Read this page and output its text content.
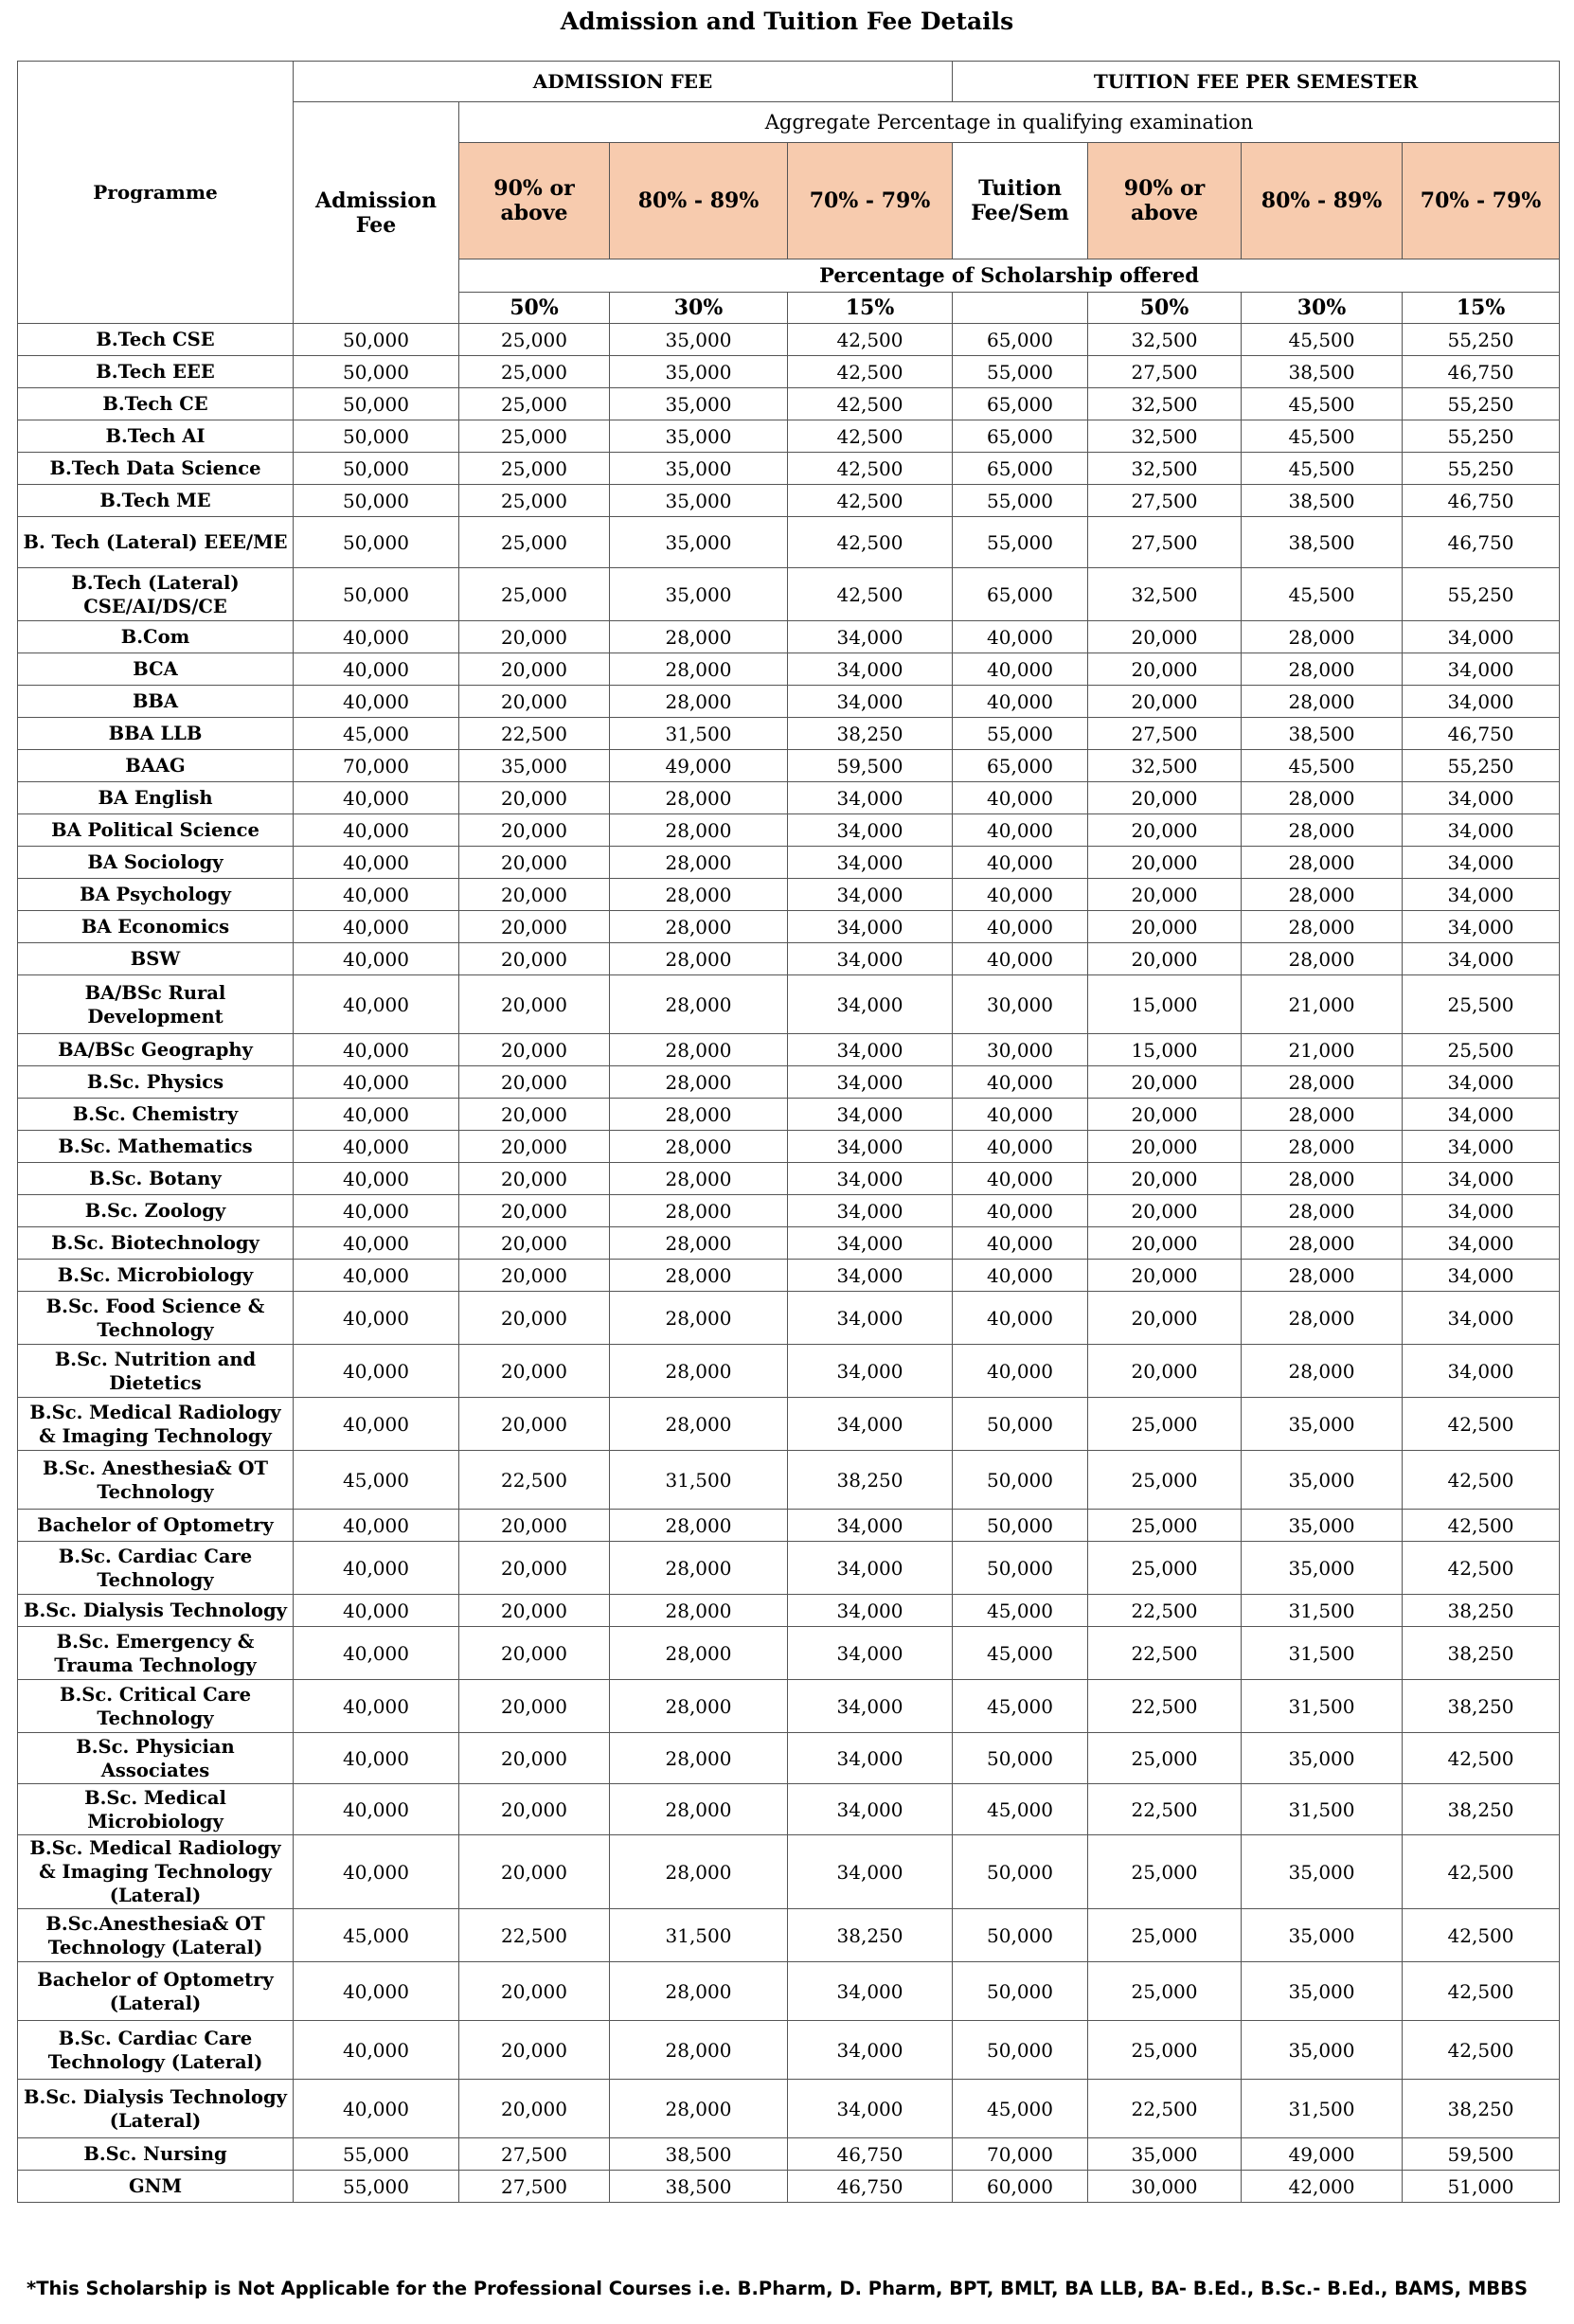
Admission and Tuition Fee Details
Programme	ADMISSION FEE				TUITION FEE PER SEMESTER			
	Admission Fee	Aggregate Percentage in qualifying examination						
		90% or above	80% - 89%	70% - 79%	Tuition Fee/Sem	90% or above	80% - 89%	70% - 79%
		Percentage of Scholarship offered						
		50%	30%	15%		50%	30%	15%
B.Tech CSE	50,000	25,000	35,000	42,500	65,000	32,500	45,500	55,250
B.Tech EEE	50,000	25,000	35,000	42,500	55,000	27,500	38,500	46,750
B.Tech CE	50,000	25,000	35,000	42,500	65,000	32,500	45,500	55,250
B.Tech AI	50,000	25,000	35,000	42,500	65,000	32,500	45,500	55,250
B.Tech Data Science	50,000	25,000	35,000	42,500	65,000	32,500	45,500	55,250
B.Tech ME	50,000	25,000	35,000	42,500	55,000	27,500	38,500	46,750
B. Tech (Lateral) EEE/ME	50,000	25,000	35,000	42,500	55,000	27,500	38,500	46,750
B.Tech (Lateral) CSE/AI/DS/CE	50,000	25,000	35,000	42,500	65,000	32,500	45,500	55,250
B.Com	40,000	20,000	28,000	34,000	40,000	20,000	28,000	34,000
BCA	40,000	20,000	28,000	34,000	40,000	20,000	28,000	34,000
BBA	40,000	20,000	28,000	34,000	40,000	20,000	28,000	34,000
BBA LLB	45,000	22,500	31,500	38,250	55,000	27,500	38,500	46,750
BAAG	70,000	35,000	49,000	59,500	65,000	32,500	45,500	55,250
BA English	40,000	20,000	28,000	34,000	40,000	20,000	28,000	34,000
BA Political Science	40,000	20,000	28,000	34,000	40,000	20,000	28,000	34,000
BA Sociology	40,000	20,000	28,000	34,000	40,000	20,000	28,000	34,000
BA Psychology	40,000	20,000	28,000	34,000	40,000	20,000	28,000	34,000
BA Economics	40,000	20,000	28,000	34,000	40,000	20,000	28,000	34,000
BSW	40,000	20,000	28,000	34,000	40,000	20,000	28,000	34,000
BA/BSc Rural Development	40,000	20,000	28,000	34,000	30,000	15,000	21,000	25,500
BA/BSc Geography	40,000	20,000	28,000	34,000	30,000	15,000	21,000	25,500
B.Sc. Physics	40,000	20,000	28,000	34,000	40,000	20,000	28,000	34,000
B.Sc. Chemistry	40,000	20,000	28,000	34,000	40,000	20,000	28,000	34,000
B.Sc. Mathematics	40,000	20,000	28,000	34,000	40,000	20,000	28,000	34,000
B.Sc. Botany	40,000	20,000	28,000	34,000	40,000	20,000	28,000	34,000
B.Sc. Zoology	40,000	20,000	28,000	34,000	40,000	20,000	28,000	34,000
B.Sc. Biotechnology	40,000	20,000	28,000	34,000	40,000	20,000	28,000	34,000
B.Sc. Microbiology	40,000	20,000	28,000	34,000	40,000	20,000	28,000	34,000
B.Sc. Food Science & Technology	40,000	20,000	28,000	34,000	40,000	20,000	28,000	34,000
B.Sc. Nutrition and Dietetics	40,000	20,000	28,000	34,000	40,000	20,000	28,000	34,000
B.Sc. Medical Radiology & Imaging Technology	40,000	20,000	28,000	34,000	50,000	25,000	35,000	42,500
B.Sc. Anesthesia& OT Technology	45,000	22,500	31,500	38,250	50,000	25,000	35,000	42,500
Bachelor of Optometry	40,000	20,000	28,000	34,000	50,000	25,000	35,000	42,500
B.Sc. Cardiac Care Technology	40,000	20,000	28,000	34,000	50,000	25,000	35,000	42,500
B.Sc. Dialysis Technology	40,000	20,000	28,000	34,000	45,000	22,500	31,500	38,250
B.Sc. Emergency & Trauma Technology	40,000	20,000	28,000	34,000	45,000	22,500	31,500	38,250
B.Sc. Critical Care Technology	40,000	20,000	28,000	34,000	45,000	22,500	31,500	38,250
B.Sc. Physician Associates	40,000	20,000	28,000	34,000	50,000	25,000	35,000	42,500
B.Sc. Medical Microbiology	40,000	20,000	28,000	34,000	45,000	22,500	31,500	38,250
B.Sc. Medical Radiology & Imaging Technology (Lateral)	40,000	20,000	28,000	34,000	50,000	25,000	35,000	42,500
B.Sc.Anesthesia& OT Technology (Lateral)	45,000	22,500	31,500	38,250	50,000	25,000	35,000	42,500
Bachelor of Optometry (Lateral)	40,000	20,000	28,000	34,000	50,000	25,000	35,000	42,500
B.Sc. Cardiac Care Technology (Lateral)	40,000	20,000	28,000	34,000	50,000	25,000	35,000	42,500
B.Sc. Dialysis Technology (Lateral)	40,000	20,000	28,000	34,000	45,000	22,500	31,500	38,250
B.Sc. Nursing	55,000	27,500	38,500	46,750	70,000	35,000	49,000	59,500
GNM	55,000	27,500	38,500	46,750	60,000	30,000	42,000	51,000
*This Scholarship is Not Applicable for the Professional Courses i.e. B.Pharm, D. Pharm, BPT, BMLT, BA LLB, BA- B.Ed., B.Sc.- B.Ed., BAMS, MBBS
